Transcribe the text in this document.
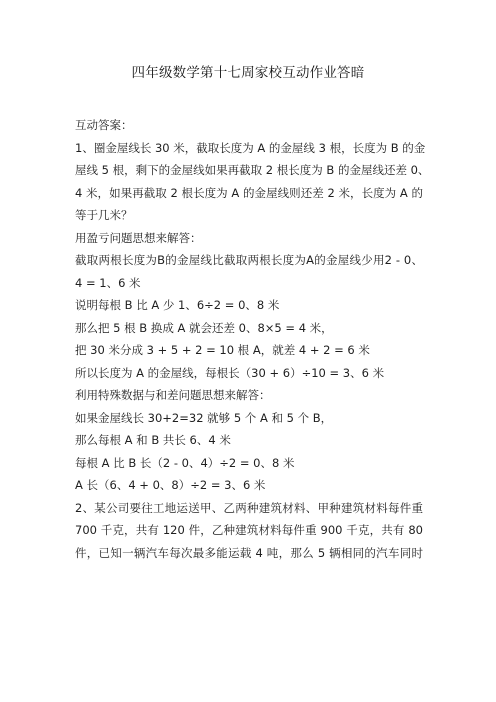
四年级数学第十七周家校互动作业答暗
互动答案：
1、圈金屋线长 30 米，截取长度为 A 的金屋线 3 根，长度为 B 的金
屋线 5 根，剩下的金屋线如果再截取 2 根长度为 B 的金屋线还差 0、
4 米，如果再截取 2 根长度为 A 的金屋线则还差 2 米，长度为 A 的
等于几米？
用盈亏问题思想来解答：
截取两根长度为B的金屋线比截取两根长度为A的金屋线少用2 - 0、
4 = 1、6 米
说明每根 B 比 A 少 1、6÷2 = 0、8 米
那么把 5 根 B 换成 A 就会还差 0、8×5 = 4 米，
把 30 米分成 3 + 5 + 2 = 10 根 A，就差 4 + 2 = 6 米
所以长度为 A 的金屋线，每根长（30 + 6）÷10 = 3、6 米
利用特殊数据与和差问题思想来解答：
如果金屋线长 30+2=32 就够 5 个 A 和 5 个 B，
那么每根 A 和 B 共长 6、4 米
每根 A 比 B 长（2 - 0、4）÷2 = 0、8 米
A 长（6、4 + 0、8）÷2 = 3、6 米
2、某公司要往工地运送甲、乙两种建筑材料、甲种建筑材料每件重
700 千克，共有 120 件，乙种建筑材料每件重 900 千克，共有 80
件，已知一辆汽车每次最多能运载 4 吨，那么 5 辆相同的汽车同时
